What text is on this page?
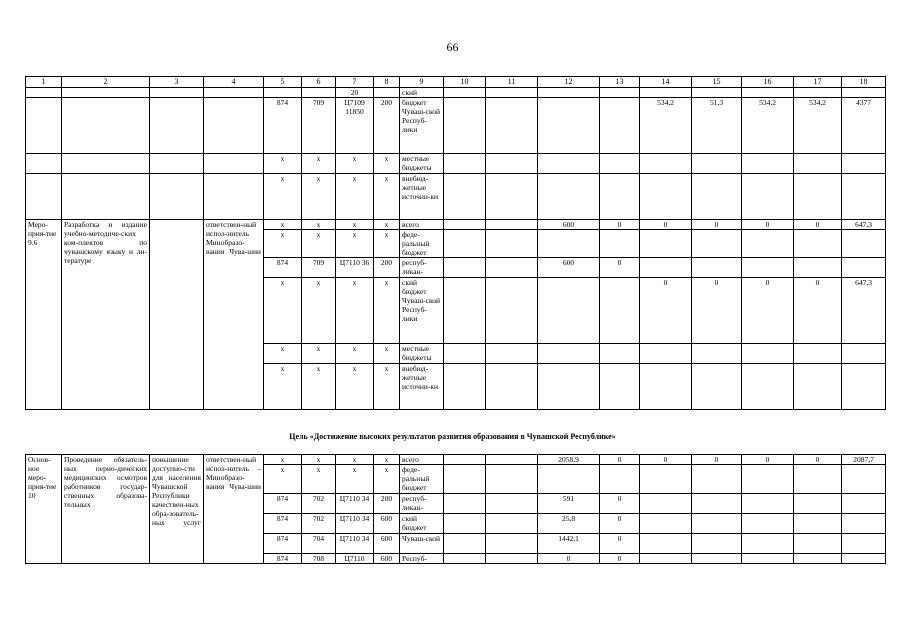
66
1	2	3	4	5	6	7	8	9	10	11	12	13	14	15	16	17	18
						20		ский									
				874	709	Ц7109 11850	200	бюджет Чуваш-ской Респуб-лики					534,2	51,3	534,2	534,2	4377
				x	x	x	x	местные бюджеты									
				x	x	x	x	внебюд-жетные источни-ки									
Меро-прия-тие 9.6	Разработка и издание учебно-методиче-ских ком-плектов по чувашскому языку и ли-тературе		ответствен-ный испол-нитель Минобразо-вания Чува-шии	x	x	x	x	всего			600	0	0	0	0	0	647,3
				x	x	x	x	феде-ральный бюджет									
				874	709	Ц7110 36	200	респуб-ликан-			600	0					
				x	x	x	x	ский бюджет Чуваш-ской Респуб-лики					0	0	0	0	647,3
				x	x	x	x	местные бюджеты									
				x	x	x	x	внебюд-жетные источни-ки									
Цель «Достижение высоких результатов развития образования в Чувашской Республике»
Основ-ное меро-прия-тие 10	Проведение обязатель-ных перио-дических медицинских осмотров работников государ-ственных образова-тельных	повышение доступно-сти для населения Чувашской Республики качествен-ных обра-зователь-ных услуг	ответствен-ный испол-нитель – Минобразо-вания Чува-шии	x	x	x	x	всего			2058,9	0	0	0	0	0	2087,7
				x	x	x	x	феде-ральный бюджет									
				874	702	Ц7110 34	200	респуб-ликан-			591	0					
				874	702	Ц7110 34	600	ский бюджет			25,8	0					
				874	704	Ц7110 34	600	Чуваш-ской			1442,1	0					
				874	708	Ц7110	600	Респуб-			0	0					
